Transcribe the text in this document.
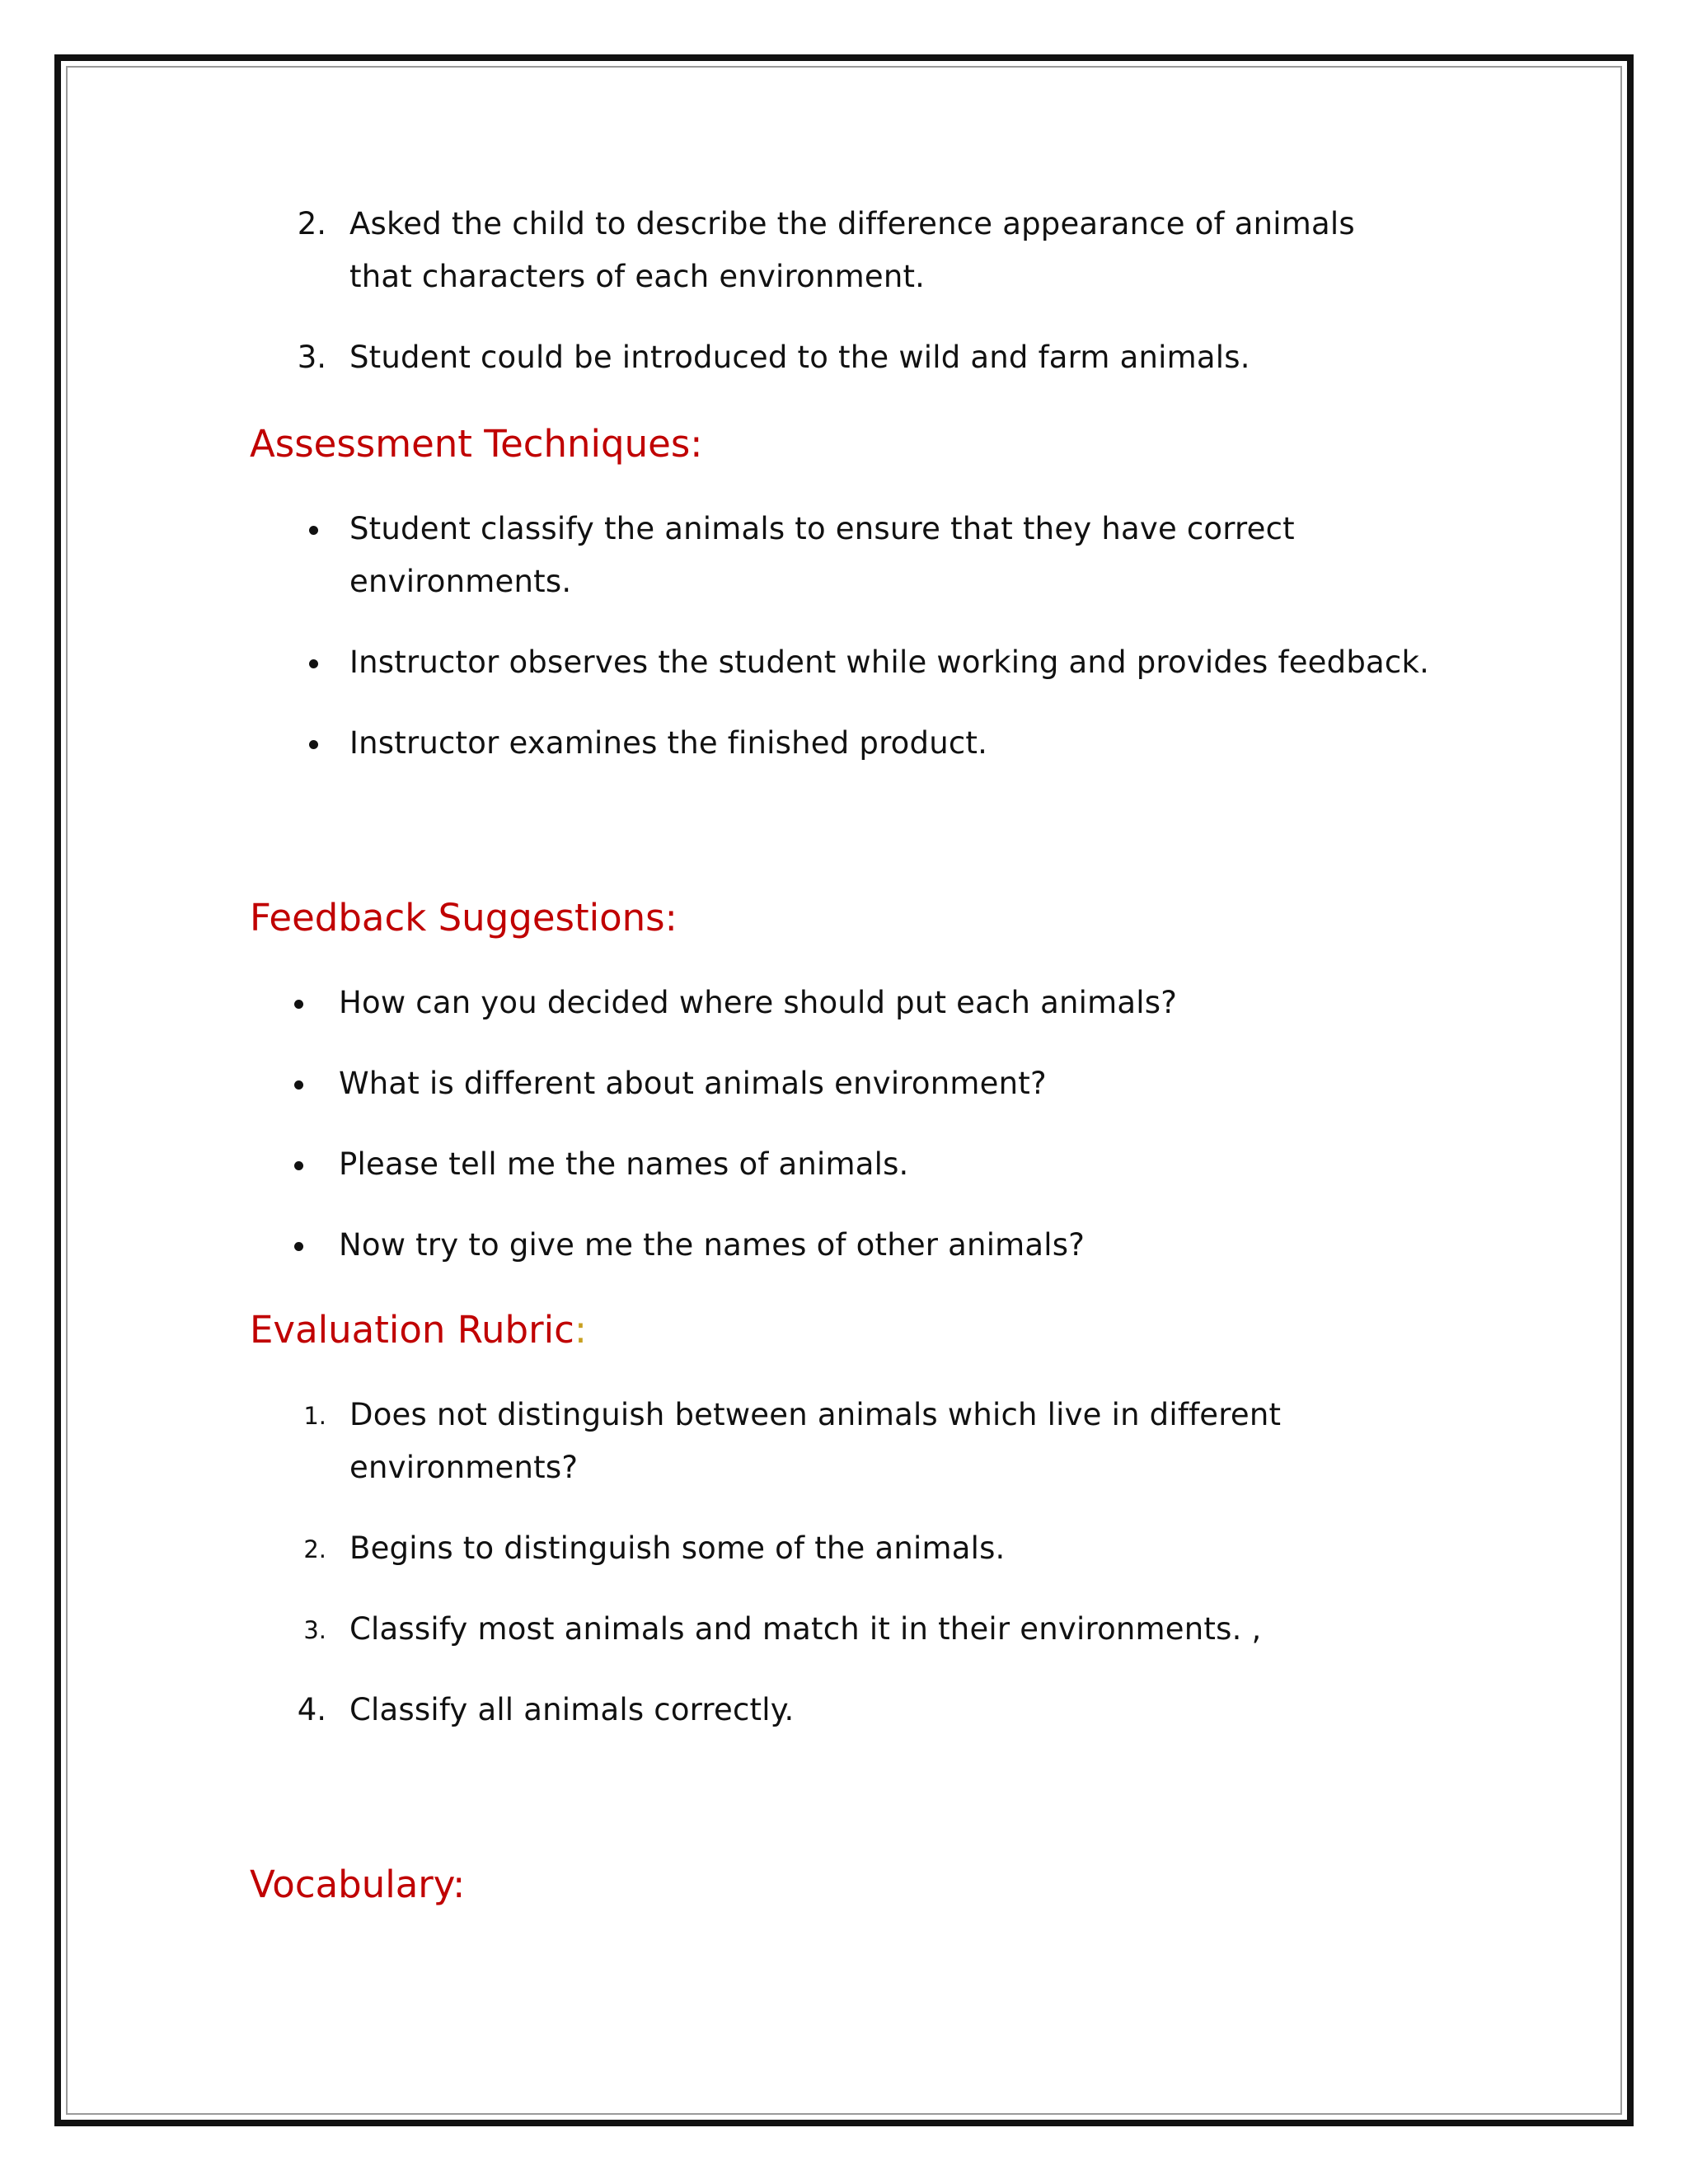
2. Asked the child to describe the difference appearance of animals
that characters of each environment.
3. Student could be introduced to the wild and farm animals.
Assessment Techniques:
Student classify the animals to ensure that they have correct
environments.
Instructor observes the student while working and provides feedback.
Instructor examines the finished product.
Feedback Suggestions:
How can you decided where should put each animals?
What is different about animals environment?
Please tell me the names of animals.
Now try to give me the names of other animals?
Evaluation Rubric:
1. Does not distinguish between animals which live in different
environments?
2. Begins to distinguish some of the animals.
3. Classify most animals and match it in their environments. ,
4. Classify all animals correctly.
Vocabulary:
